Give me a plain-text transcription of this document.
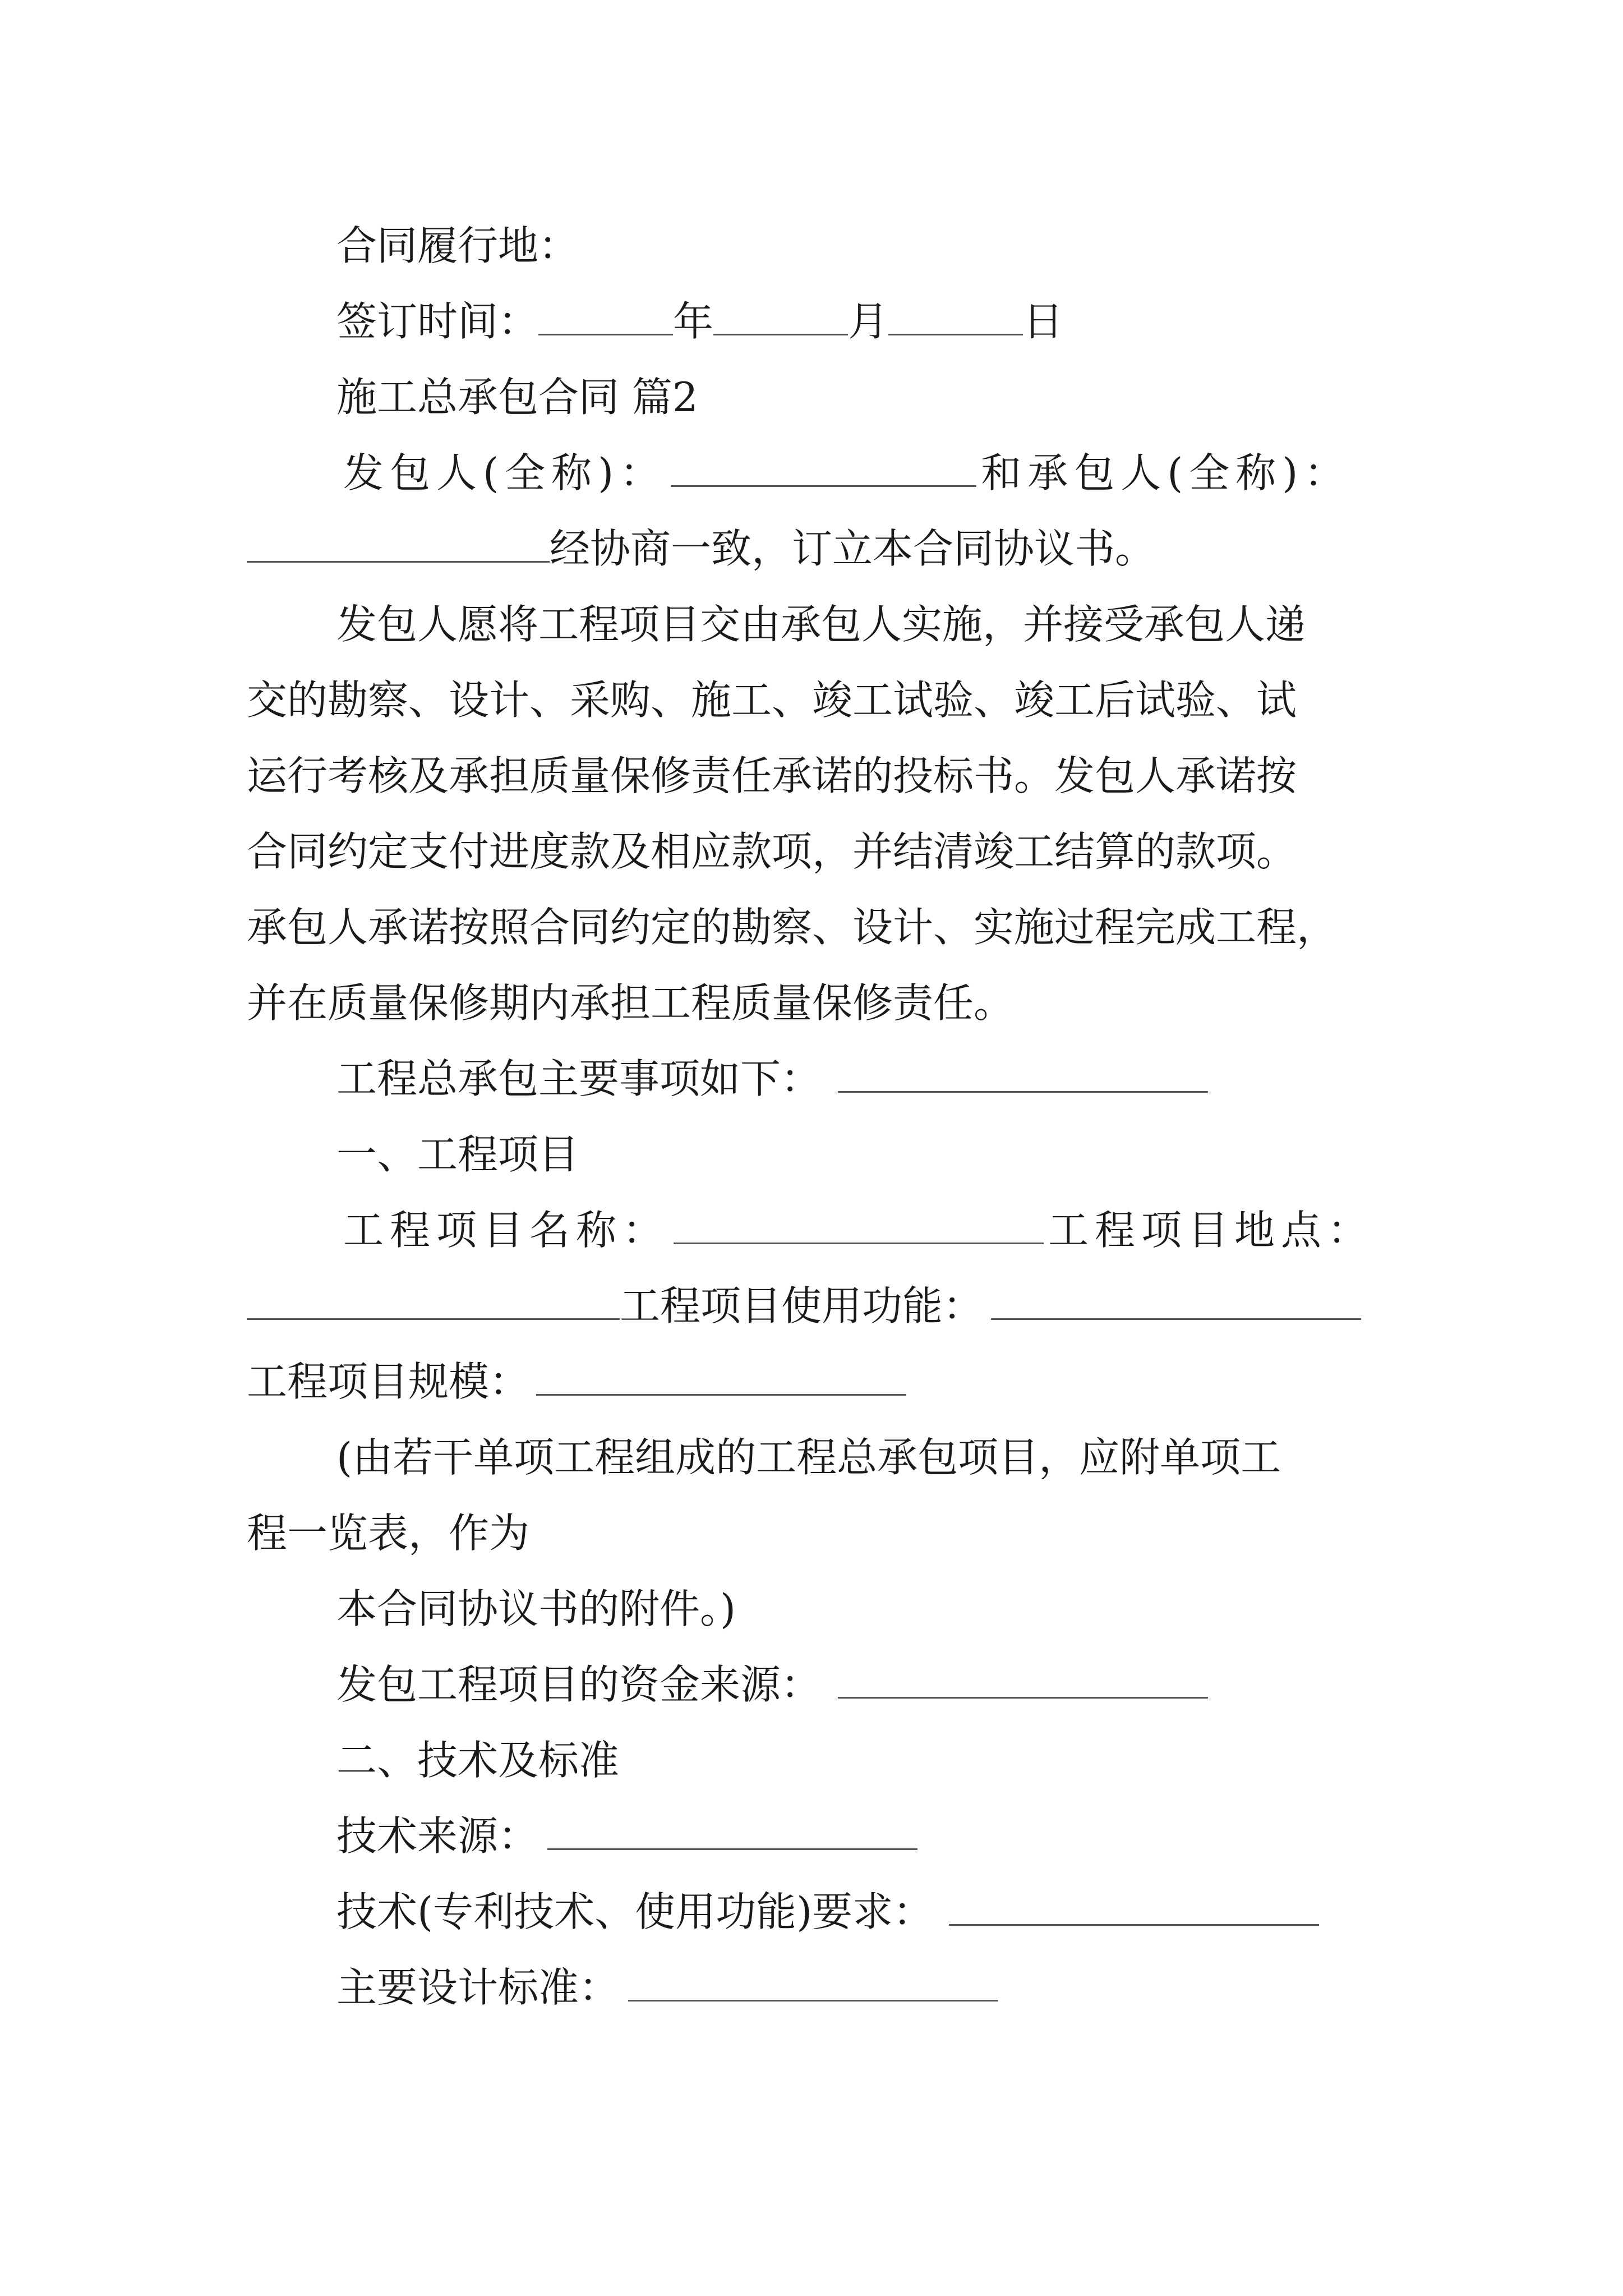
合同履行地：
签订时间：	年	月	日
施工总承包合同 篇2
发包人(全称)：	和承包人(全称)：
经协商一致，订立本合同协议书。
发包人愿将工程项目交由承包人实施，并接受承包人递
交的勘察、设计、采购、施工、竣工试验、竣工后试验、试
运行考核及承担质量保修责任承诺的投标书。发包人承诺按
合同约定支付进度款及相应款项，并结清竣工结算的款项。
承包人承诺按照合同约定的勘察、设计、实施过程完成工程，
并在质量保修期内承担工程质量保修责任。
工程总承包主要事项如下：
一、工程项目
工程项目名称：	工程项目地点：
工程项目使用功能：
工程项目规模：
(由若干单项工程组成的工程总承包项目，应附单项工
程一览表，作为
本合同协议书的附件。)
发包工程项目的资金来源：
二、技术及标准
技术来源：
技术(专利技术、使用功能)要求：
主要设计标准：
